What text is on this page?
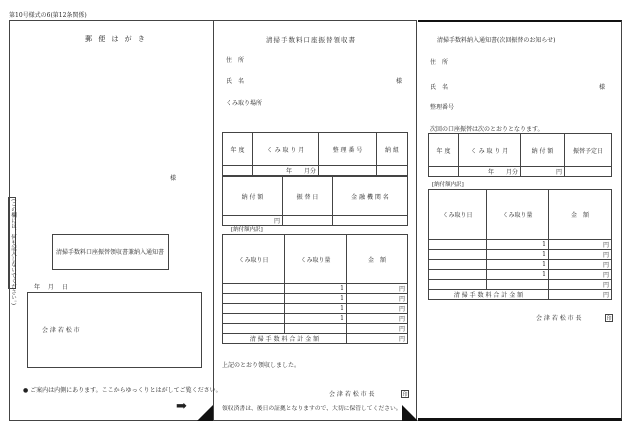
第10号様式の6(第12条関係)
郵 便 は が き
様
(この欄には、何も記入しないでください。)	清掃手数料口座振替領収書兼納入通知書
年 月 日
会 津 若 松 市
● ご案内は内側にあります。ここからゆっくりとはがしてご覧ください。
➡
清掃手数料口座振替領収書
住　所
氏　名	様
くみ取り場所
年 度	く み 取 り 月	整 理 番 号	納 組
	年　　月分		
納 付 額	振 替 日	金 融 機 関 名
円		
[納付額内訳]
くみ取り日	くみ取り量	金　額
	1	円
	1	円
	1	円
	1	円
		円
清 掃 手 数 料 合 計 金 額		円
上記のとおり領収しました。
会 津 若 松 市 長	印
領収済書は、後日の証拠となりますので、大切に保管してください。
清掃手数料納入通知書(次回振替のお知らせ)
住　所
氏　名	様
整理番号
次回の口座振替は次のとおりとなります。
年 度	く み 取 り 月	納 付 額	振替予定日
	年　　月分	円	
[納付額内訳]
くみ取り日	くみ取り量	金　額
	1	円
	1	円
	1	円
	1	円
		円
清 掃 手 数 料 合 計 金 額		円
会 津 若 松 市 長	印
